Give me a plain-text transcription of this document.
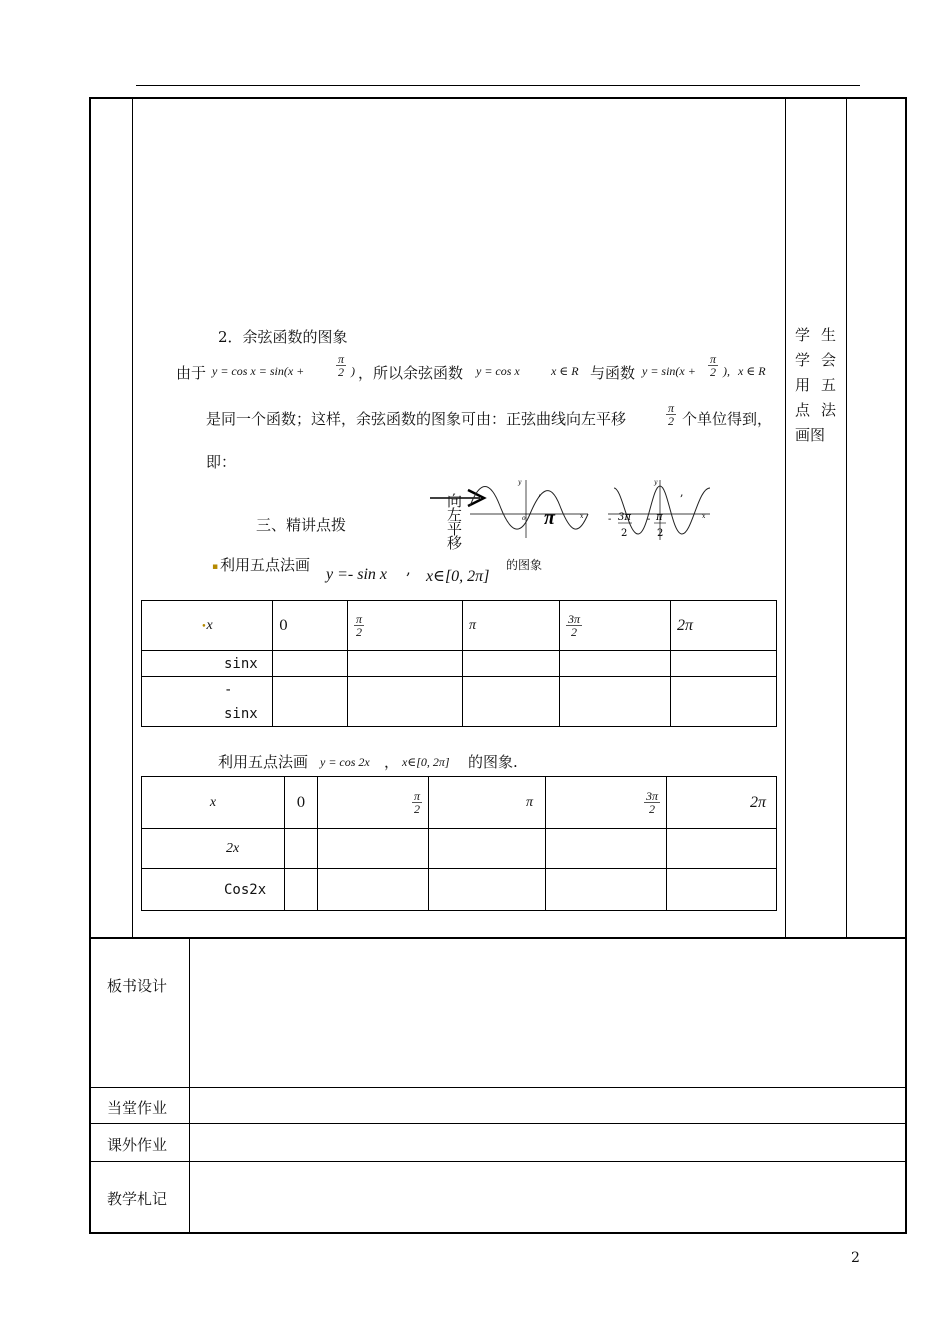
2．余弦函数的图象
由于 y = cos x = sin(x +	$\frac{\pi}{2}$ ) ，所以余弦函数 y = cos x	x ∈ R 与函数 $y = \sin(x + \frac{\pi}{2}$ ), x ∈ R
是同一个函数；这样，余弦函数的图象可由：正弦曲线向左平移	$\frac{\pi}{2}$ 个单位得到，
即：
三、精讲点拨
y
x
o π
,
y
x
,
- 3π
2
- π
2
向左平移
▪ 利用五点法画
y =- sin x , x∈[0, 2π]
的图象
•x	0	$\frac{\pi}{2}$	π	$\frac{3\pi}{2}$	2π
sinx					
-
sinx					
利用五点法画 y = cos 2x ， x∈[0, 2π] 的图象.
x	0	$\frac{\pi}{2}$	π	$\frac{3\pi}{2}$	2π
2x					
Cos2x					
学
学
用
点
画图
生
会
五
法
板书设计
当堂作业
课外作业
教学札记
2
